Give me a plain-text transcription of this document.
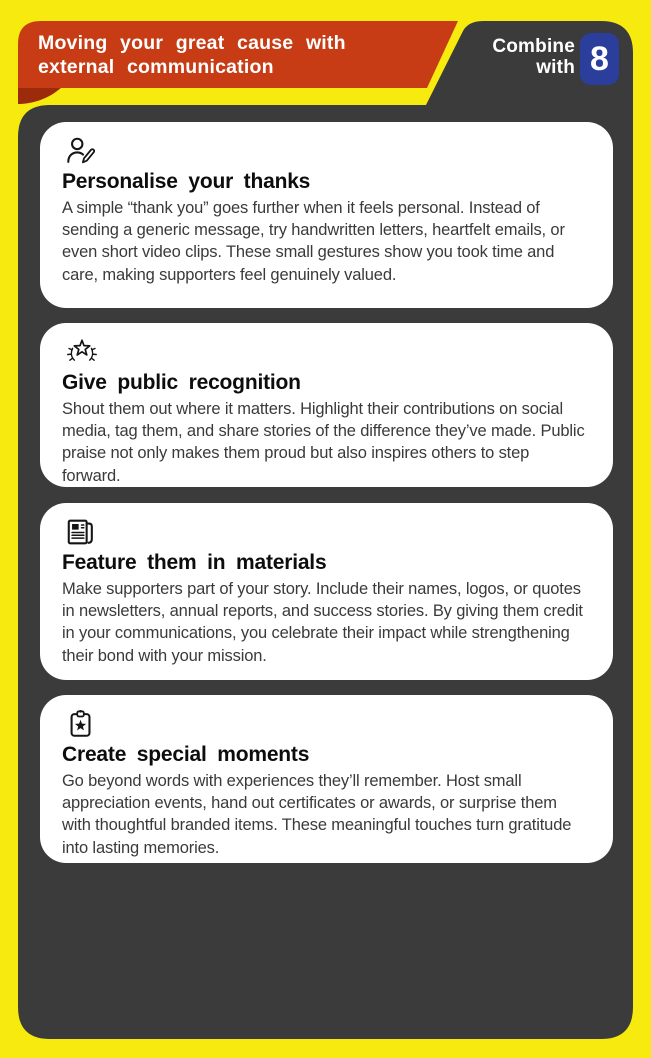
Moving your great cause with
external communication
Combine
with 8
Personalise your thanks

A simple “thank you” goes further when it feels personal. Instead of sending a generic message, try handwritten letters, heartfelt emails, or even short video clips. These small gestures show you took time and care, making supporters feel genuinely valued.

Give public recognition

Shout them out where it matters. Highlight their contributions on social media, tag them, and share stories of the difference they’ve made. Public praise not only makes them proud but also inspires others to step forward.

Feature them in materials

Make supporters part of your story. Include their names, logos, or quotes in newsletters, annual reports, and success stories. By giving them credit in your communications, you celebrate their impact while strengthening their bond with your mission.

Create special moments

Go beyond words with experiences they’ll remember. Host small appreciation events, hand out certificates or awards, or surprise them with thoughtful branded items. These meaningful touches turn gratitude into lasting memories.
